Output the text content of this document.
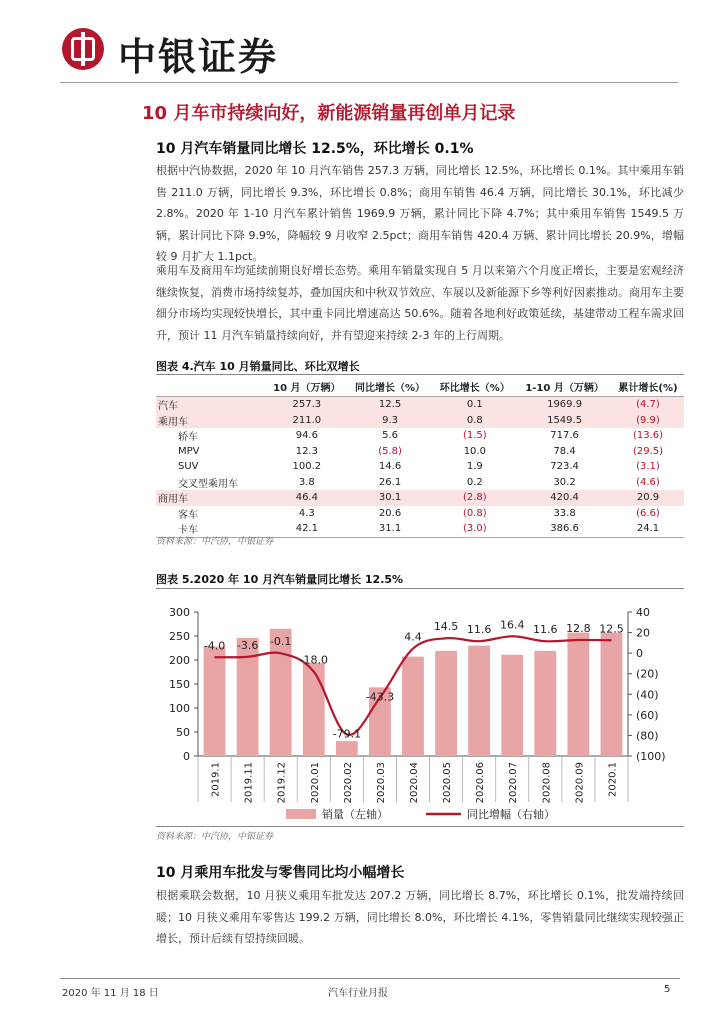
中银证券
10 月车市持续向好，新能源销量再创单月记录
10 月汽车销量同比增长 12.5%，环比增长 0.1%

根据中汽协数据，2020 年 10 月汽车销售 257.3 万辆，同比增长 12.5%，环比增长 0.1%。其中乘用车销售 211.0 万辆，同比增长 9.3%，环比增长 0.8%；商用车销售 46.4 万辆，同比增长 30.1%，环比减少 2.8%。2020 年 1-10 月汽车累计销售 1969.9 万辆，累计同比下降 4.7%；其中乘用车销售 1549.5 万辆，累计同比下降 9.9%，降幅较 9 月收窄 2.5pct；商用车销售 420.4 万辆、累计同比增长 20.9%，增幅较 9 月扩大 1.1pct。

乘用车及商用车均延续前期良好增长态势。乘用车销量实现自 5 月以来第六个月度正增长，主要是宏观经济继续恢复，消费市场持续复苏，叠加国庆和中秋双节效应、车展以及新能源下乡等利好因素推动。商用车主要细分市场均实现较快增长，其中重卡同比增速高达 50.6%。随着各地利好政策延续，基建带动工程车需求回升，预计 11 月汽车销量持续向好，并有望迎来持续 2-3 年的上行周期。

图表 4.汽车 10 月销量同比、环比双增长
	10 月（万辆）	同比增长（%）	环比增长（%）	1-10 月（万辆）	累计增长(%)
汽车	257.3	12.5	0.1	1969.9	(4.7)
乘用车	211.0	9.3	0.8	1549.5	(9.9)
轿车	94.6	5.6	(1.5)	717.6	(13.6)
MPV	12.3	(5.8)	10.0	78.4	(29.5)
SUV	100.2	14.6	1.9	723.4	(3.1)
交叉型乘用车	3.8	26.1	0.2	30.2	(4.6)
商用车	46.4	30.1	(2.8)	420.4	20.9
客车	4.3	20.6	(0.8)	33.8	(6.6)
卡车	42.1	31.1	(3.0)	386.6	24.1
资料来源：中汽协，中银证券
图表 5.2020 年 10 月汽车销量同比增长 12.5%
0
50
100
150
200
250
300
(100)
(80)
(60)
(40)
(20)
0
20
40
-4.0 -3.6 -0.1
-18.0
-79.1
-43.3
4.4
14.5 11.6 16.4 11.6 12.8 12.5
2019.1 2019.11 2019.12 2020.01 2020.02 2020.03 2020.04 2020.05 2020.06 2020.07 2020.08 2020.09 2020.1
销量（左轴）	同比增幅（右轴）
资料来源：中汽协，中银证券
10 月乘用车批发与零售同比均小幅增长

根据乘联会数据，10 月狭义乘用车批发达 207.2 万辆，同比增长 8.7%，环比增长 0.1%，批发端持续回暖；10 月狭义乘用车零售达 199.2 万辆，同比增长 8.0%，环比增长 4.1%，零售销量同比继续实现较强正增长，预计后续有望持续回暖。

2020 年 11 月 18 日	汽车行业月报	5
